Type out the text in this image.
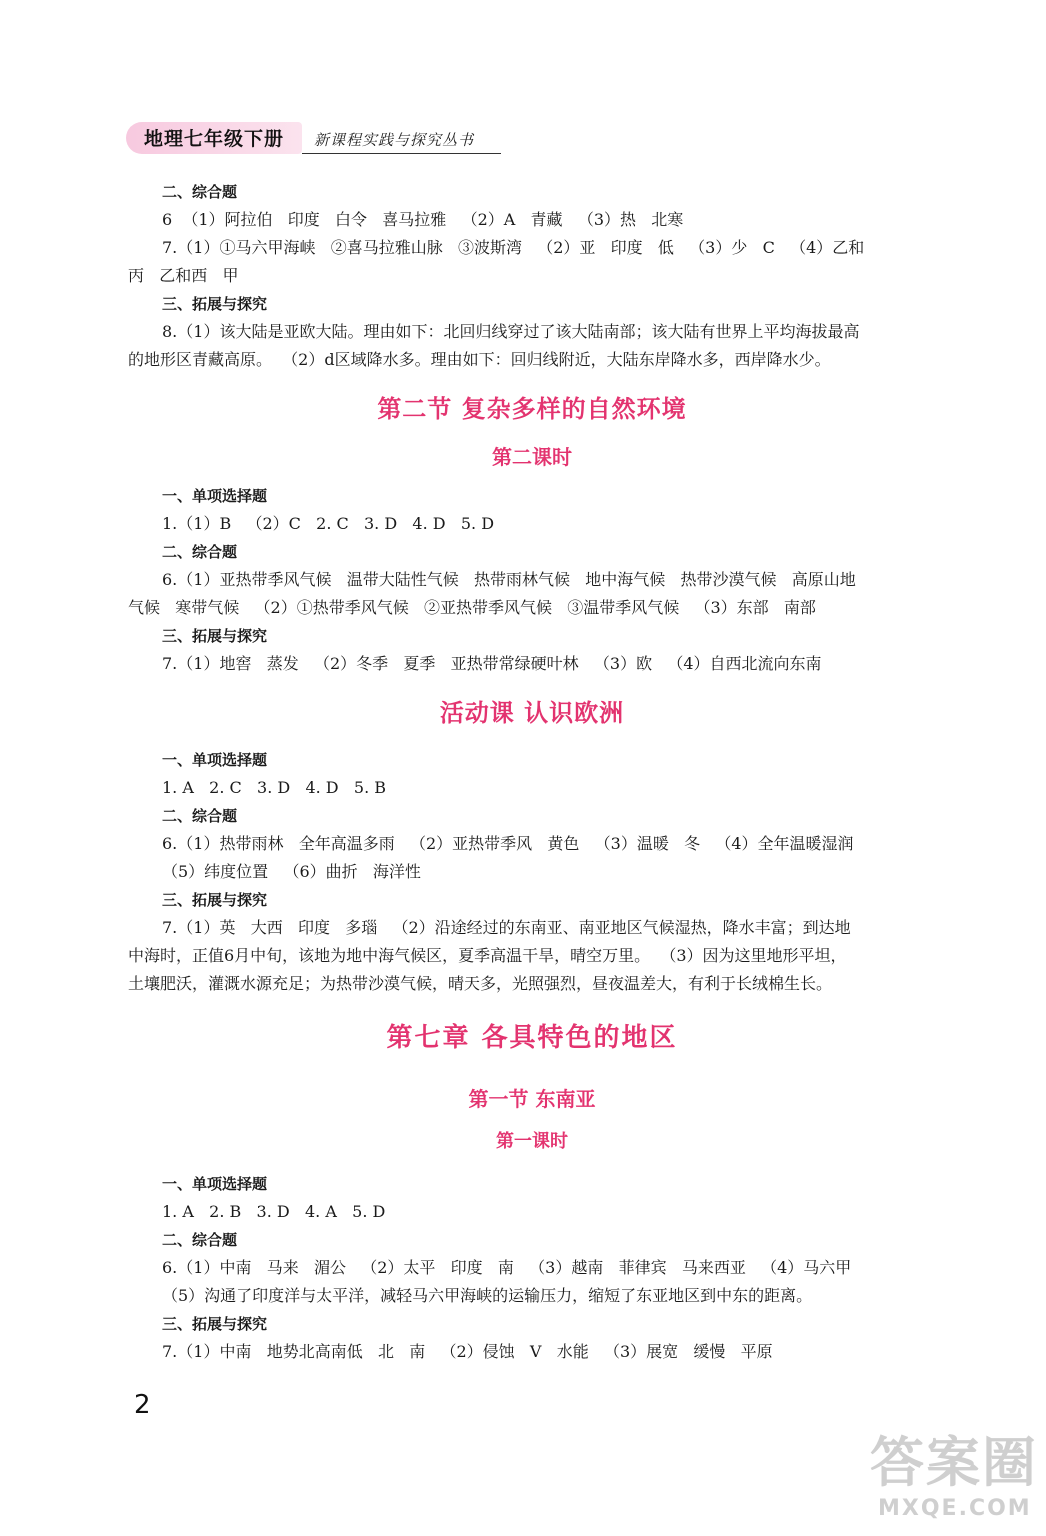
地理七年级下册 新课程实践与探究丛书
二、综合题
6  （1）阿拉伯   印度   白令   喜马拉雅   （2）A   青藏   （3）热   北寒
7.（1）①马六甲海峡   ②喜马拉雅山脉   ③波斯湾   （2）亚   印度   低   （3）少   C   （4）乙和
丙   乙和西   甲
三、拓展与探究
8.（1）该大陆是亚欧大陆。理由如下：北回归线穿过了该大陆南部；该大陆有世界上平均海拔最高
的地形区青藏高原。  （2）d区域降水多。理由如下：回归线附近，大陆东岸降水多，西岸降水少。
第二节 复杂多样的自然环境
第二课时
一、单项选择题
1.（1）B   （2）C   2. C   3. D   4. D   5. D
二、综合题
6.（1）亚热带季风气候   温带大陆性气候   热带雨林气候   地中海气候   热带沙漠气候   高原山地
气候   寒带气候   （2）①热带季风气候   ②亚热带季风气候   ③温带季风气候   （3）东部   南部
三、拓展与探究
7.（1）地窖   蒸发   （2）冬季   夏季   亚热带常绿硬叶林   （3）欧   （4）自西北流向东南
活动课 认识欧洲
一、单项选择题
1. A   2. C   3. D   4. D   5. B
二、综合题
6.（1）热带雨林   全年高温多雨   （2）亚热带季风   黄色   （3）温暖   冬   （4）全年温暖湿润
（5）纬度位置   （6）曲折   海洋性
三、拓展与探究
7.（1）英   大西   印度   多瑙   （2）沿途经过的东南亚、南亚地区气候湿热，降水丰富；到达地
中海时，正值6月中旬，该地为地中海气候区，夏季高温干旱，晴空万里。  （3）因为这里地形平坦，
土壤肥沃，灌溉水源充足；为热带沙漠气候，晴天多，光照强烈，昼夜温差大，有利于长绒棉生长。
第七章 各具特色的地区
第一节 东南亚
第一课时
一、单项选择题
1. A   2. B   3. D   4. A   5. D
二、综合题
6.（1）中南   马来   湄公   （2）太平   印度   南   （3）越南   菲律宾   马来西亚   （4）马六甲
（5）沟通了印度洋与太平洋，减轻马六甲海峡的运输压力，缩短了东亚地区到中东的距离。
三、拓展与探究
7.（1）中南   地势北高南低   北   南   （2）侵蚀   V   水能   （3）展宽   缓慢   平原
2
答案圈
MXQE.COM
